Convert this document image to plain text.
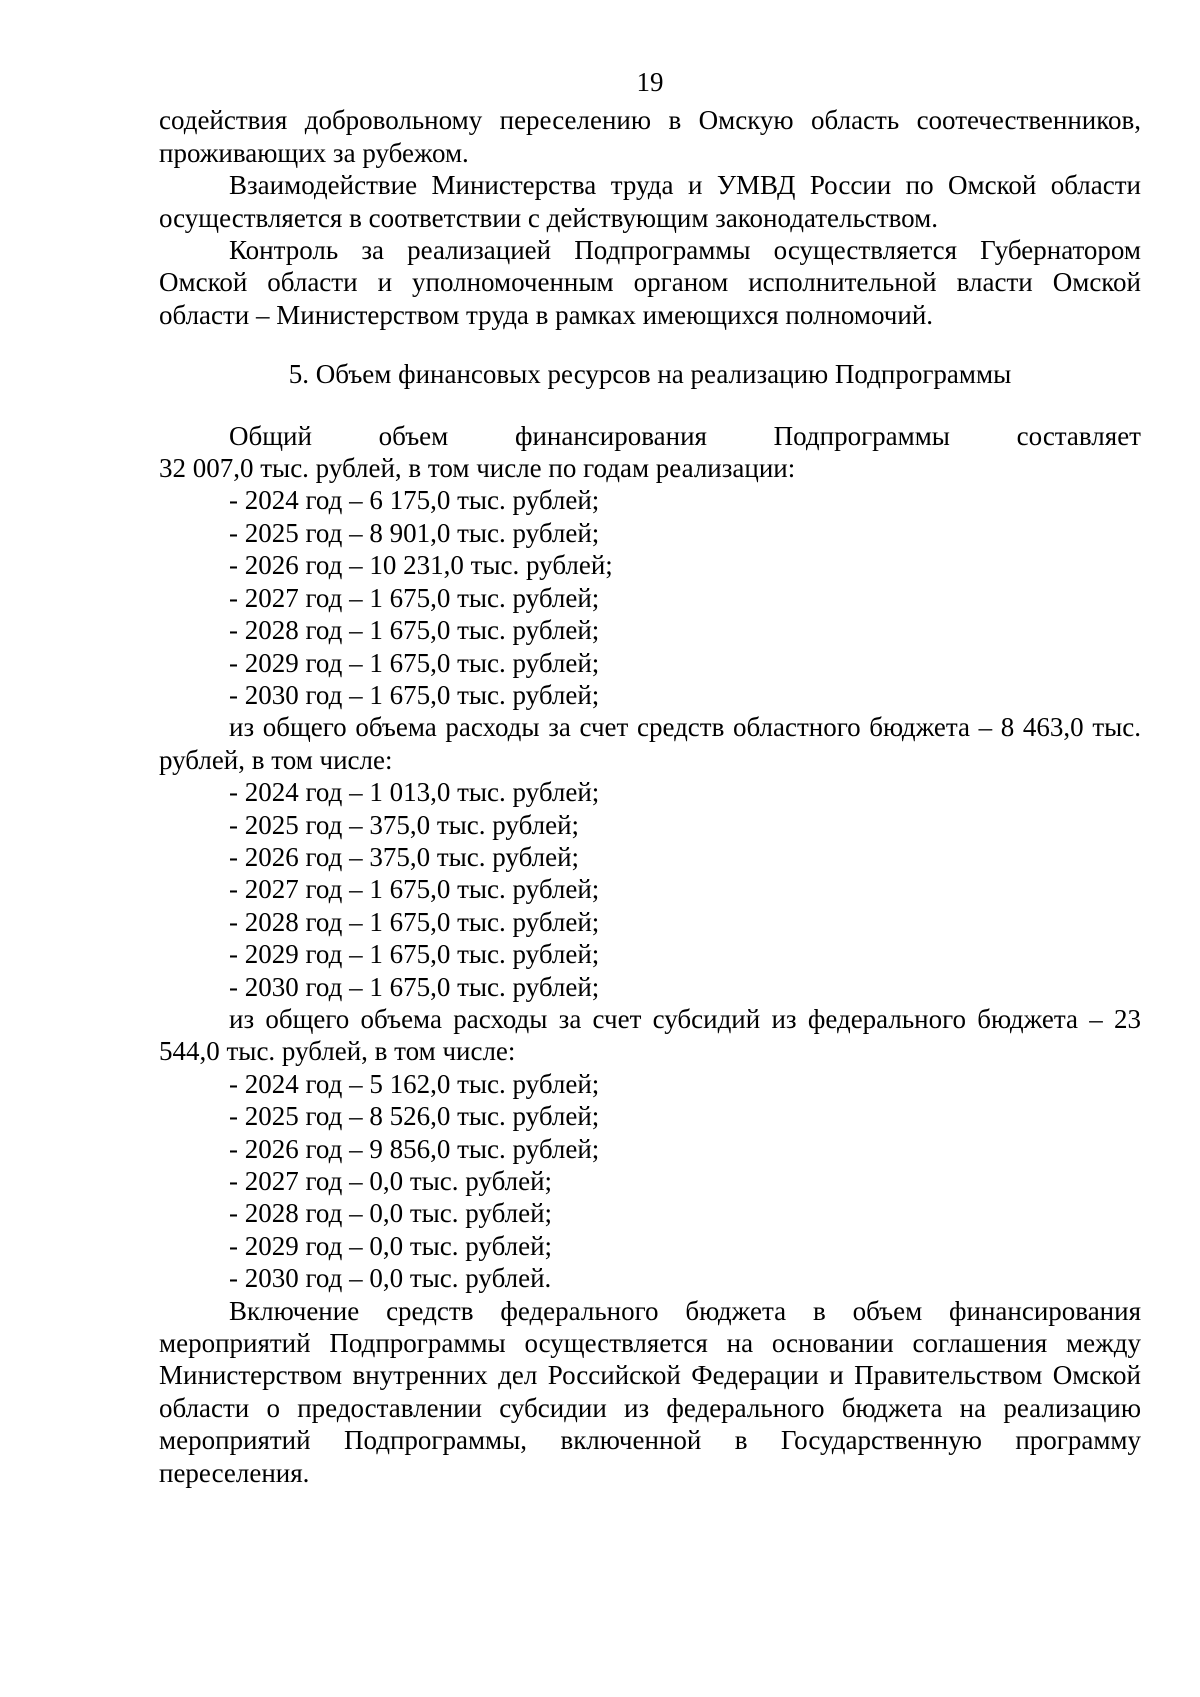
19

содействия добровольному переселению в Омскую область соотечественников, проживающих за рубежом.

Взаимодействие Министерства труда и УМВД России по Омской области осуществляется в соответствии с действующим законодательством.

Контроль за реализацией Подпрограммы осуществляется Губернатором Омской области и уполномоченным органом исполнительной власти Омской области – Министерством труда в рамках имеющихся полномочий.

5. Объем финансовых ресурсов на реализацию Подпрограммы
Общий объем финансирования Подпрограммы составляет
32 007,0 тыс. рублей, в том числе по годам реализации:
- 2024 год – 6 175,0 тыс. рублей;
- 2025 год – 8 901,0 тыс. рублей;
- 2026 год – 10 231,0 тыс. рублей;
- 2027 год – 1 675,0 тыс. рублей;
- 2028 год – 1 675,0 тыс. рублей;
- 2029 год – 1 675,0 тыс. рублей;
- 2030 год – 1 675,0 тыс. рублей;

из общего объема расходы за счет средств областного бюджета – 8 463,0 тыс. рублей, в том числе:

- 2024 год – 1 013,0 тыс. рублей;
- 2025 год – 375,0 тыс. рублей;
- 2026 год – 375,0 тыс. рублей;
- 2027 год – 1 675,0 тыс. рублей;
- 2028 год – 1 675,0 тыс. рублей;
- 2029 год – 1 675,0 тыс. рублей;
- 2030 год – 1 675,0 тыс. рублей;

из общего объема расходы за счет субсидий из федерального бюджета – 23 544,0 тыс. рублей, в том числе:

- 2024 год – 5 162,0 тыс. рублей;
- 2025 год – 8 526,0 тыс. рублей;
- 2026 год – 9 856,0 тыс. рублей;
- 2027 год – 0,0 тыс. рублей;
- 2028 год – 0,0 тыс. рублей;
- 2029 год – 0,0 тыс. рублей;
- 2030 год – 0,0 тыс. рублей.

Включение средств федерального бюджета в объем финансирования мероприятий Подпрограммы осуществляется на основании соглашения между Министерством внутренних дел Российской Федерации и Правительством Омской области о предоставлении субсидии из федерального бюджета на реализацию мероприятий Подпрограммы, включенной в Государственную программу переселения.
